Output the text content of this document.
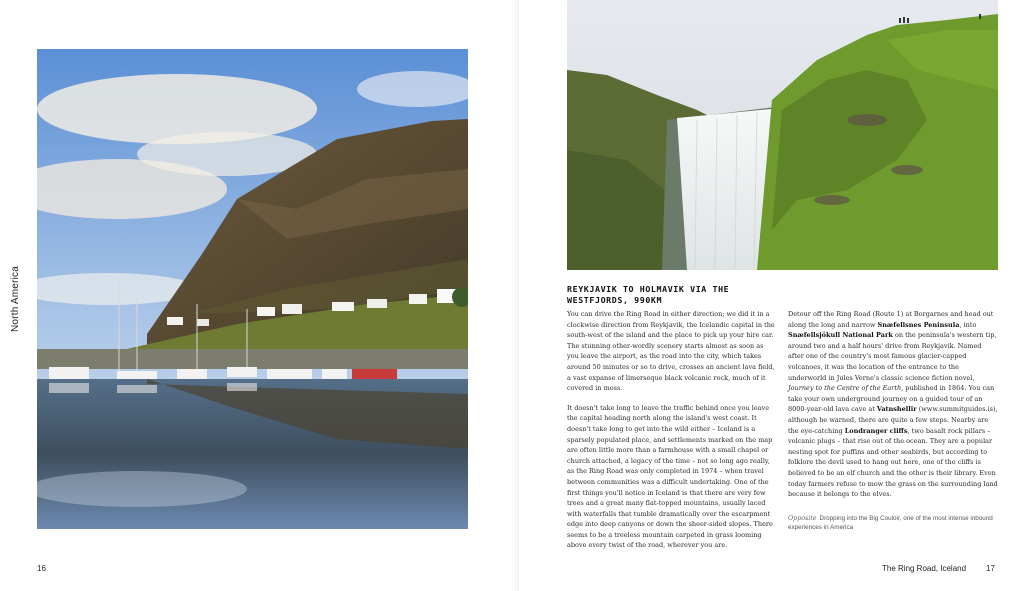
North America	REYKJAVIK TO HOLMAVIK VIA THE WESTFJORDS, 990KM

You can drive the Ring Road in either direction; we did it in a clockwise direction from Reykjavik, the Icelandic capital in the south-west of the island and the place to pick up your hire car. The stunning other-wordly scenery starts almost as soon as you leave the airport, as the road into the city, which takes around 50 minutes or so to drive, crosses an ancient lava field, a vast expanse of limerseque black volcanic rock, much of it covered in moss.

It doesn't take long to leave the traffic behind once you leave the capital heading north along the island's west coast. It doesn't take long to get into the wild either – Iceland is a sparsely populated place, and settlements marked on the map are often little more than a farmhouse with a small chapel or church attached, a legacy of the time – not so long ago really, as the Ring Road was only completed in 1974 – when travel between communities was a difficult undertaking. One of the first things you'll notice in Iceland is that there are very few trees and a great many flat-topped mountains, usually laced with waterfalls that tumble dramatically over the escarpment edge into deep canyons or down the sheer-sided slopes. There seems to be a treeless mountain carpeted in grass looming above every twist of the road, wherever you are.

Detour off the Ring Road (Route 1) at Borgarnes and head out along the long and narrow Snæfellsnes Peninsula, into Snæfellsjökull National Park on the peninsula's western tip, around two and a half hours' drive from Reykjavik. Named after one of the country's most famous glacier-capped volcanoes, it was the location of the entrance to the underworld in Jules Verne's classic science fiction novel, Journey to the Centre of the Earth, published in 1864. You can take your own underground journey on a guided tour of an 8000-year-old lava cave at Vatnshellir (www.summitguides.is), although be warned, there are quite a few steps. Nearby are the eye-catching Londranger cliffs, two basalt rock pillars – volcanic plugs – that rise out of the ocean. They are a popular nesting spot for puffins and other seabirds, but according to folklore the devil used to hang out here, one of the cliffs is believed to be an elf church and the other is their library. Even today farmers refuse to mow the grass on the surrounding land because it belongs to the elves.

Opposite Dropping into the Big Couloir, one of the most intense inbound experiences in America
16	The Ring Road, Iceland 17
